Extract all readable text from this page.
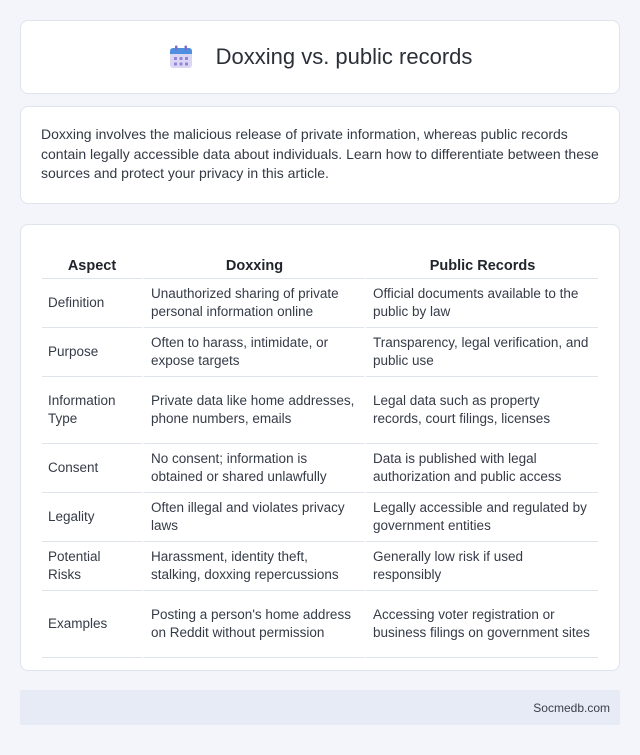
Doxxing vs. public records

Doxxing involves the malicious release of private information, whereas public records contain legally accessible data about individuals. Learn how to differentiate between these sources and protect your privacy in this article.

Aspect	Doxxing	Public Records
Definition	Unauthorized sharing of private personal information online	Official documents available to the public by law
Purpose	Often to harass, intimidate, or expose targets	Transparency, legal verification, and public use
Information Type	Private data like home addresses, phone numbers, emails	Legal data such as property records, court filings, licenses
Consent	No consent; information is obtained or shared unlawfully	Data is published with legal authorization and public access
Legality	Often illegal and violates privacy laws	Legally accessible and regulated by government entities
Potential Risks	Harassment, identity theft, stalking, doxxing repercussions	Generally low risk if used responsibly
Examples	Posting a person's home address on Reddit without permission	Accessing voter registration or business filings on government sites
Socmedb.com
